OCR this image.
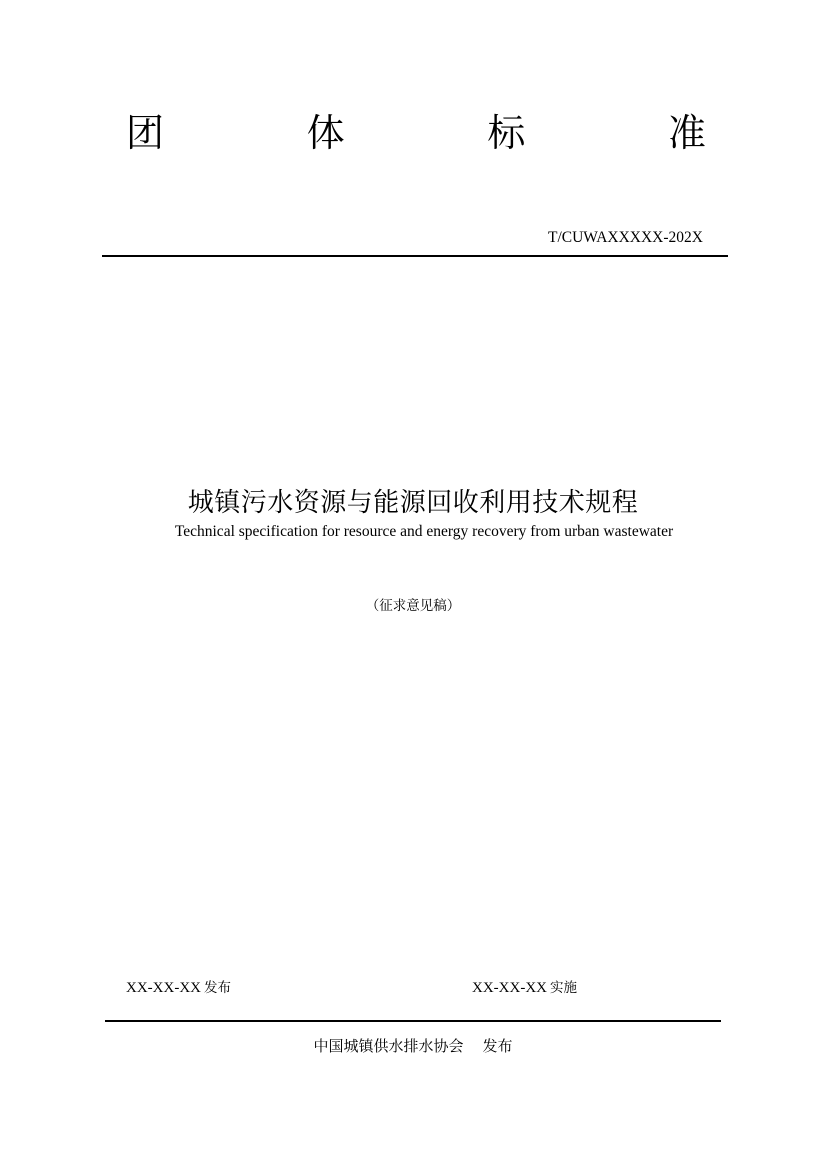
团	体	标	准
T/CUWAXXXXX-202X
城镇污水资源与能源回收利用技术规程
Technical specification for resource and energy recovery from urban wastewater
（征求意见稿）
XX-XX-XX 发布	XX-XX-XX 实施
中国城镇供水排水协会 发布
